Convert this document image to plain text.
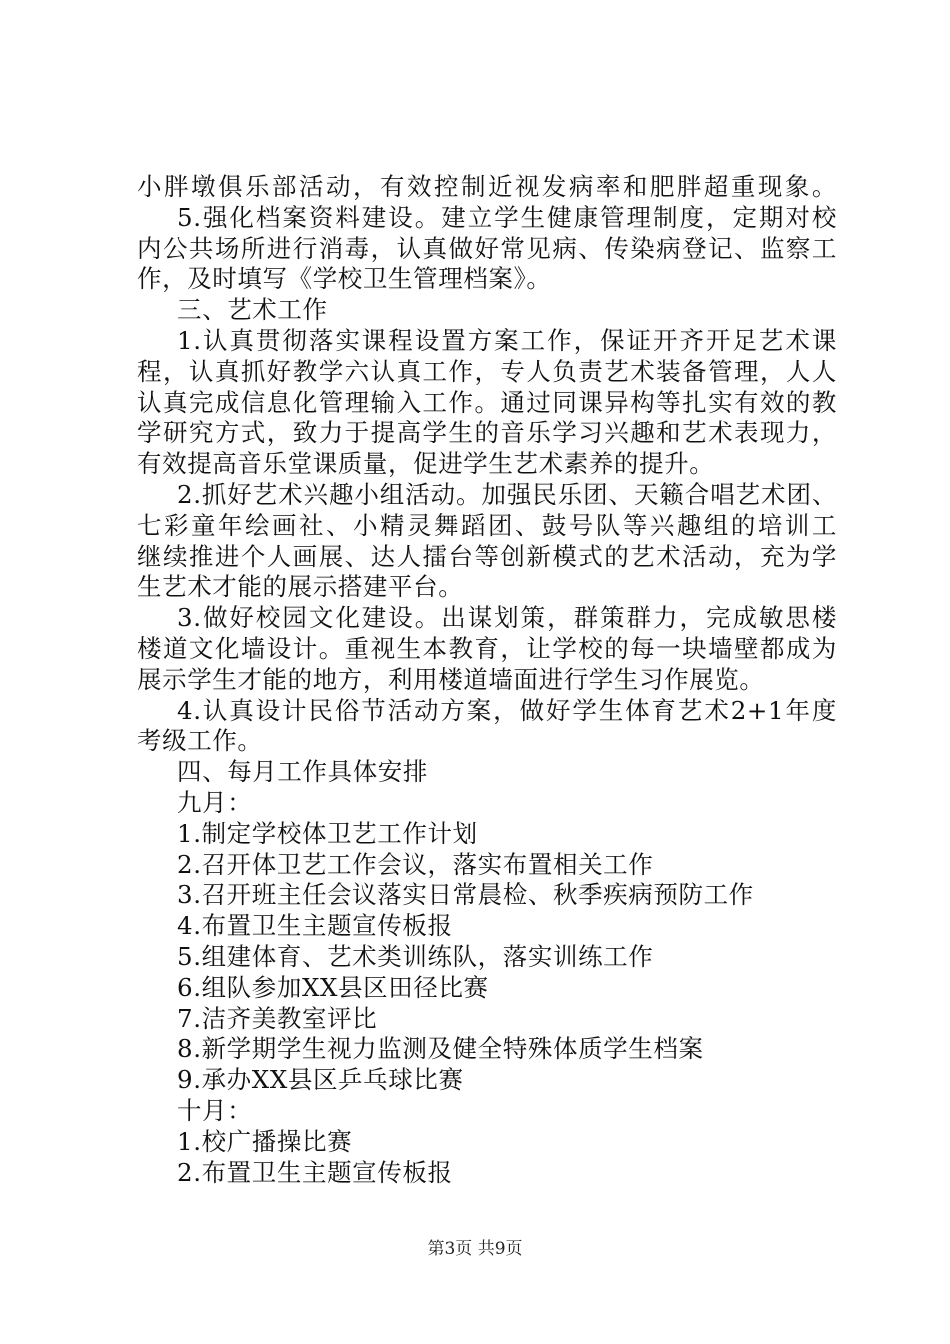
小胖墩俱乐部活动，有效控制近视发病率和肥胖超重现象。
5.强化档案资料建设。建立学生健康管理制度，定期对校
内公共场所进行消毒，认真做好常见病、传染病登记、监察工
作，及时填写《学校卫生管理档案》。
三、艺术工作
1.认真贯彻落实课程设置方案工作，保证开齐开足艺术课
程，认真抓好教学六认真工作，专人负责艺术装备管理，人人
认真完成信息化管理输入工作。通过同课异构等扎实有效的教
学研究方式，致力于提高学生的音乐学习兴趣和艺术表现力，
有效提高音乐堂课质量，促进学生艺术素养的提升。
2.抓好艺术兴趣小组活动。加强民乐团、天籁合唱艺术团、
七彩童年绘画社、小精灵舞蹈团、鼓号队等兴趣组的培训工
继续推进个人画展、达人擂台等创新模式的艺术活动，充为学
生艺术才能的展示搭建平台。
3.做好校园文化建设。出谋划策，群策群力，完成敏思楼
楼道文化墙设计。重视生本教育，让学校的每一块墙壁都成为
展示学生才能的地方，利用楼道墙面进行学生习作展览。
4.认真设计民俗节活动方案，做好学生体育艺术2+1年度
考级工作。
四、每月工作具体安排
九月：
1.制定学校体卫艺工作计划
2.召开体卫艺工作会议，落实布置相关工作
3.召开班主任会议落实日常晨检、秋季疾病预防工作
4.布置卫生主题宣传板报
5.组建体育、艺术类训练队，落实训练工作
6.组队参加XX县区田径比赛
7.洁齐美教室评比
8.新学期学生视力监测及健全特殊体质学生档案
9.承办XX县区乒乓球比赛
十月：
1.校广播操比赛
2.布置卫生主题宣传板报
第3页 共9页
